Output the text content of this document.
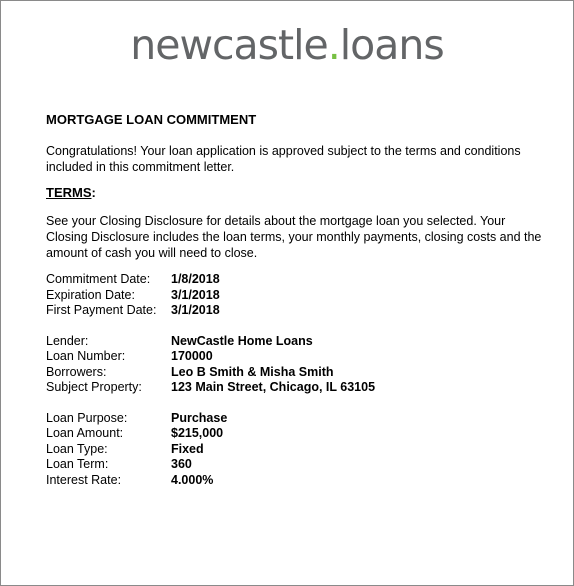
newcastle.loans

MORTGAGE LOAN COMMITMENT

Congratulations! Your loan application is approved subject to the terms and conditions included in this commitment letter.

TERMS:

See your Closing Disclosure for details about the mortgage loan you selected. Your Closing Disclosure includes the loan terms, your monthly payments, closing costs and the amount of cash you will need to close.

Commitment Date:	1/8/2018
Expiration Date:	3/1/2018
First Payment Date:	3/1/2018
Lender:	NewCastle Home Loans
Loan Number:	170000
Borrowers:	Leo B Smith & Misha Smith
Subject Property:	123 Main Street, Chicago, IL 63105
Loan Purpose:	Purchase
Loan Amount:	$215,000
Loan Type:	Fixed
Loan Term:	360
Interest Rate:	4.000%
